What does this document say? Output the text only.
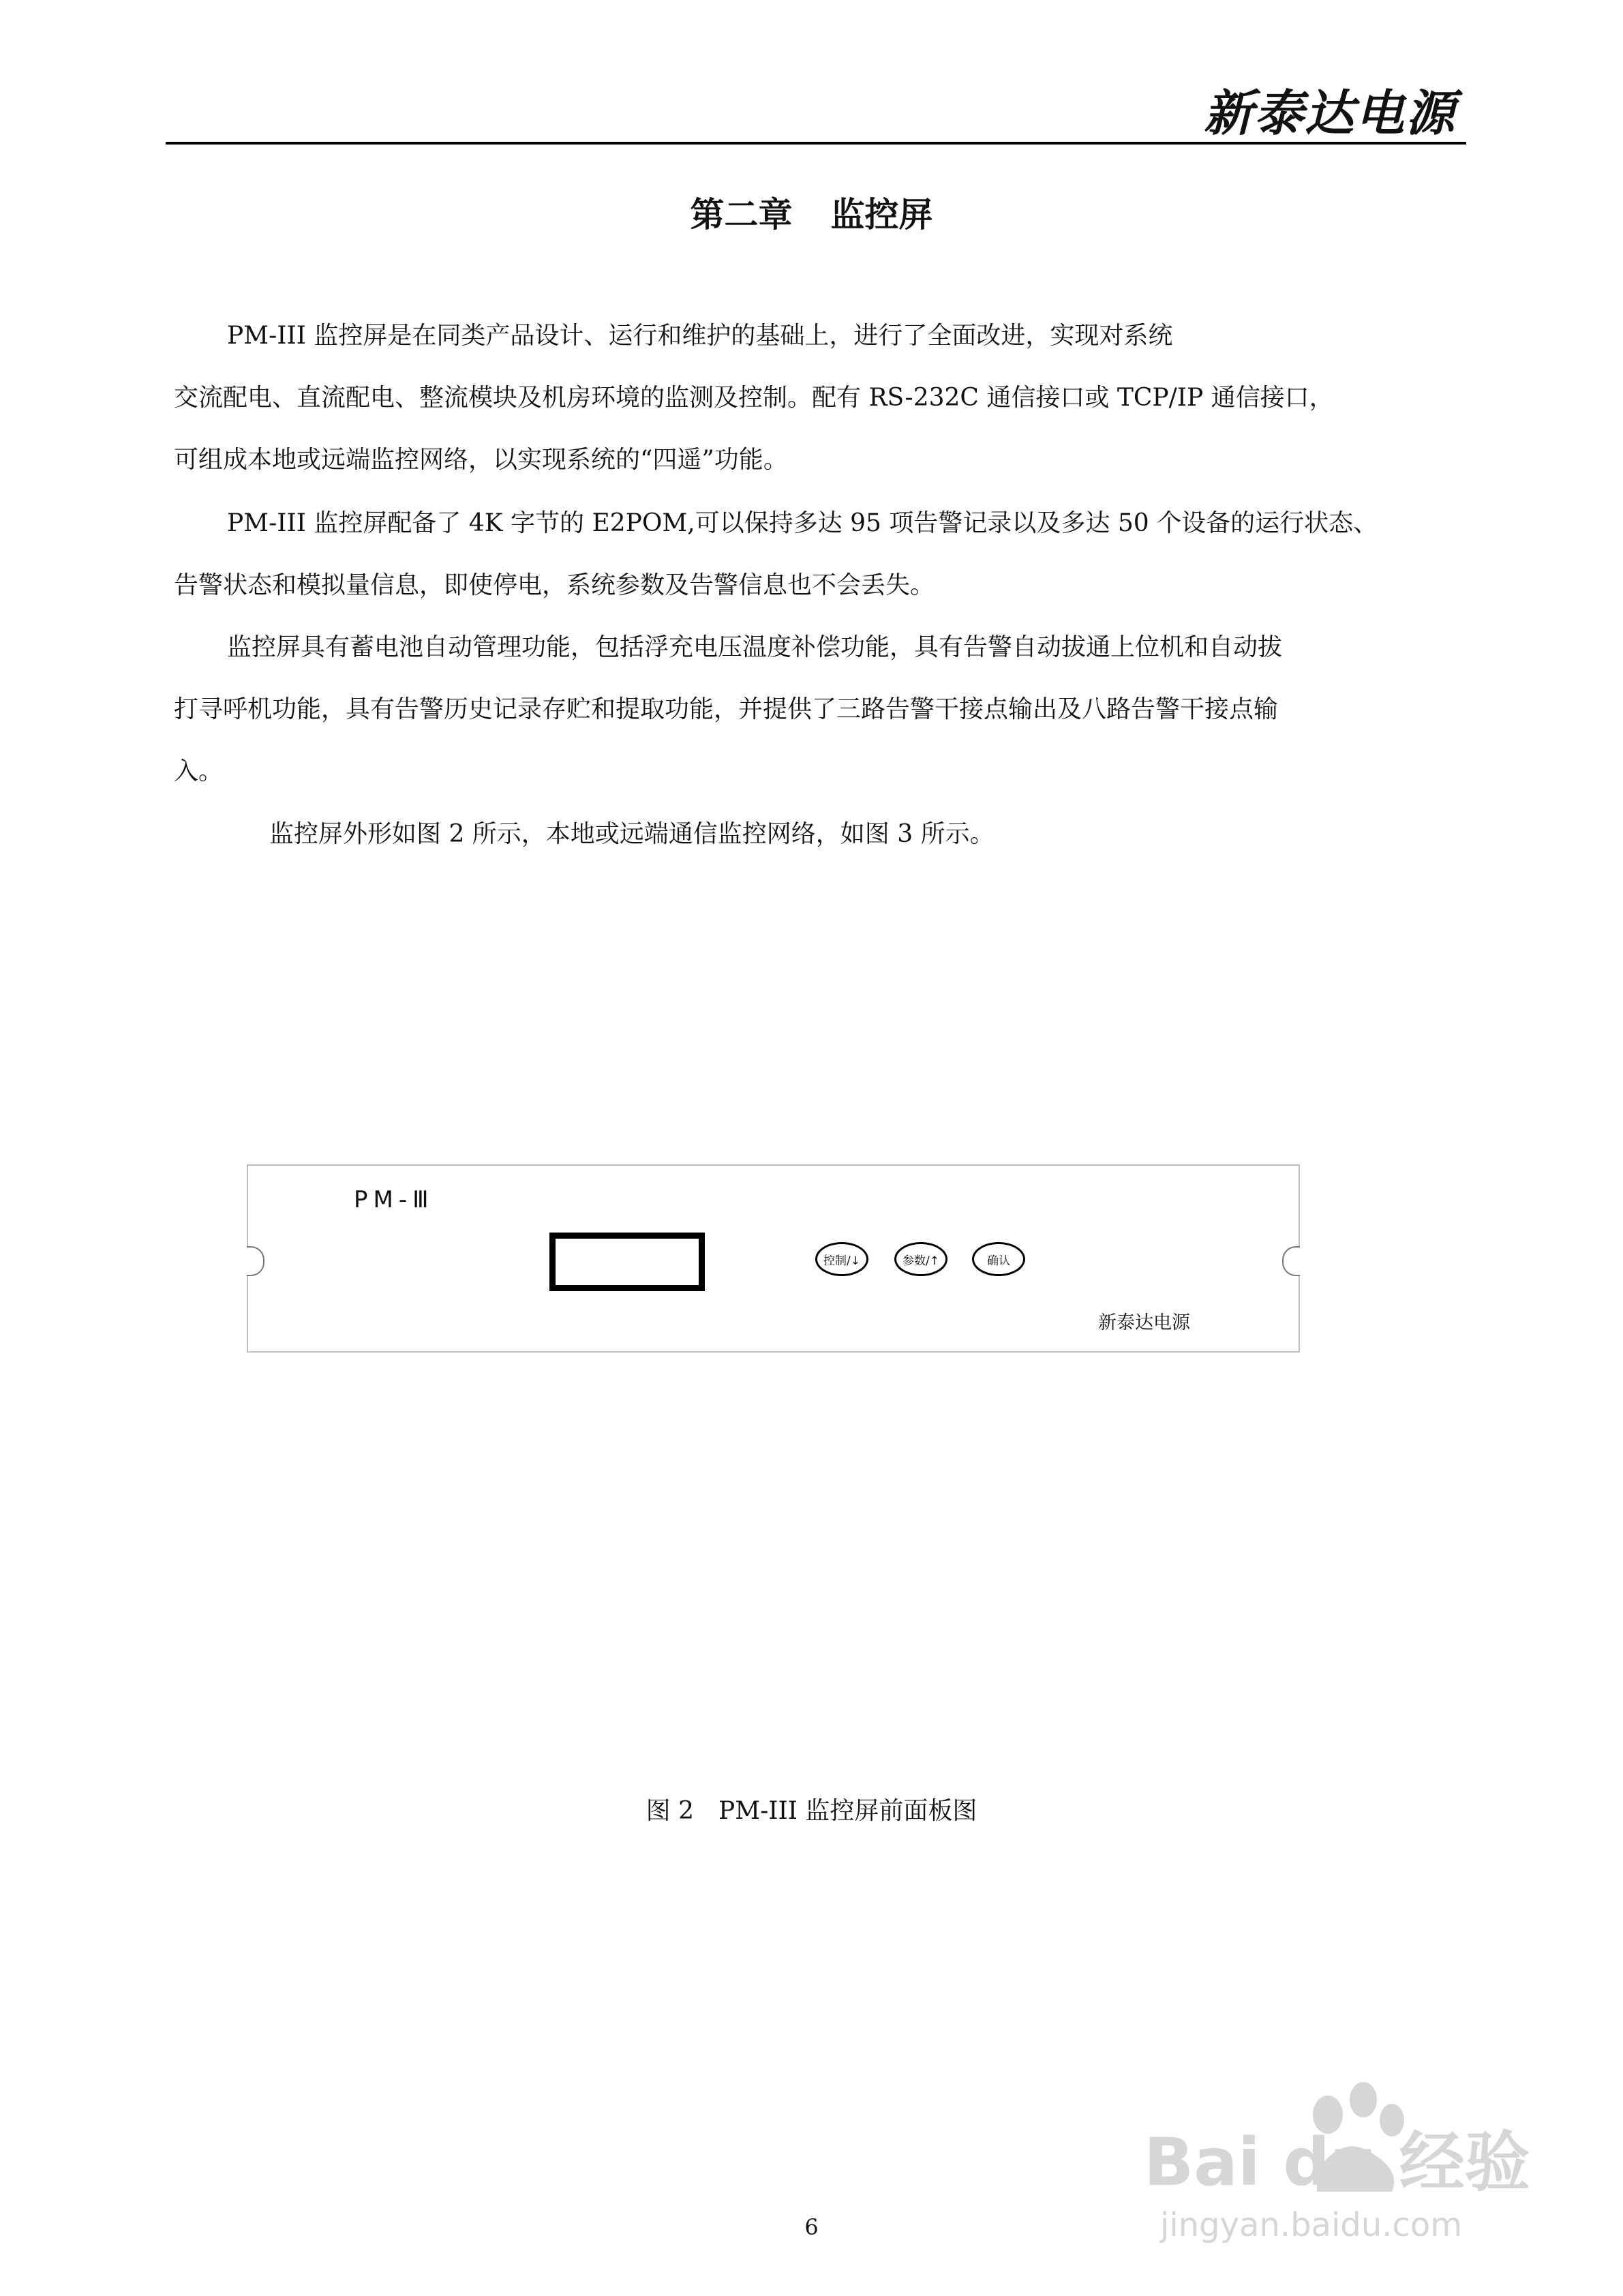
新泰达电源
第二章 监控屏
PM-III 监控屏是在同类产品设计、运行和维护的基础上，进行了全面改进，实现对系统
交流配电、直流配电、整流模块及机房环境的监测及控制。配有 RS-232C 通信接口或 TCP/IP 通信接口，
可组成本地或远端监控网络，以实现系统的“四遥”功能。
PM-III 监控屏配备了 4K 字节的 E2POM,可以保持多达 95 项告警记录以及多达 50 个设备的运行状态、
告警状态和模拟量信息，即使停电，系统参数及告警信息也不会丢失。
监控屏具有蓄电池自动管理功能，包括浮充电压温度补偿功能，具有告警自动拔通上位机和自动拔
打寻呼机功能，具有告警历史记录存贮和提取功能，并提供了三路告警干接点输出及八路告警干接点输
入。
监控屏外形如图 2 所示，本地或远端通信监控网络，如图 3 所示。
PM-Ⅲ
控制/↓	参数/↑	确认
新泰达电源
图 2 PM-III 监控屏前面板图
6
Bai du 经验
jingyan.baidu.com
